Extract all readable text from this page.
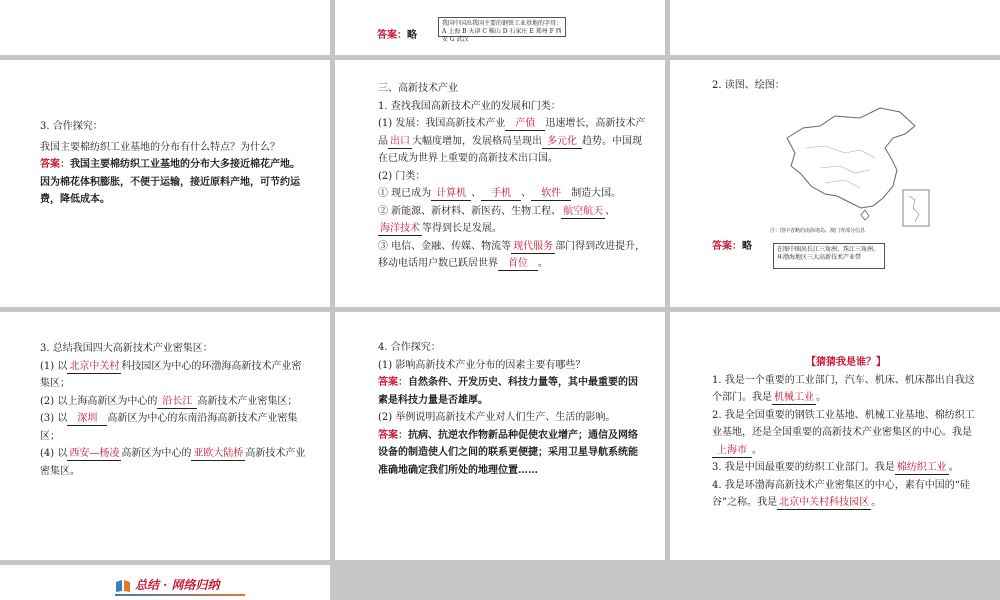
我国中国出我国主要的钢铁工业基地的字母：A 上海 B 天津 C 鞍山 D 石家庄 E 郑州 F 西安 G 武汉

答案：略

3. 合作探究：

我国主要棉纺织工业基地的分布有什么特点？为什么？

答案：我国主要棉纺织工业基地的分布大多接近棉花产地。因为棉花体积膨胀，不便于运输，接近原料产地，可节约运费，降低成本。

三、高新技术产业

1. 查找我国高新技术产业的发展和门类：

(1) 发展：我国高新技术产业 产值 迅速增长，高新技术产品 出口 大幅度增加，发展格局呈现出 多元化 趋势。中国现在已成为世界上重要的高新技术出口国。

(2) 门类：

① 现已成为 计算机 、 手机 、 软件 制造大国。

② 新能源、新材料、新医药、生物工程、 航空航天 、海洋技术 等得到长足发展。

③ 电信、金融、传媒、物流等 现代服务 部门得到改进提升，移动电话用户数已跃居世界 首位 。

2. 读图、绘图：

注：图中省略的南海诸岛、澳门等部分信息

答案：略	在图中圈出长江三角洲、珠江三角洲、环渤海地区三大高新技术产业带

3. 总结我国四大高新技术产业密集区：

(1) 以 北京中关村 科技园区为中心的环渤海高新技术产业密集区；

(2) 以上海高新区为中心的 沿长江 高新技术产业密集区；

(3) 以 深圳 高新区为中心的东南沿海高新技术产业密集区；

(4) 以 西安—杨凌 高新区为中心的 亚欧大陆桥 高新技术产业密集区。

4. 合作探究：

(1) 影响高新技术产业分布的因素主要有哪些？

答案：自然条件、开发历史、科技力量等，其中最重要的因素是科技力量是否雄厚。

(2) 举例说明高新技术产业对人们生产、生活的影响。

答案：抗病、抗逆农作物新品种促使农业增产；通信及网络设备的制造使人们之间的联系更便捷；采用卫星导航系统能准确地确定我们所处的地理位置……

【猜猜我是谁？】

1. 我是一个重要的工业部门，汽车、机床、机床都出自我这个部门。我是 机械工业 。

2. 我是全国重要的钢铁工业基地、机械工业基地、棉纺织工业基地，还是全国重要的高新技术产业密集区的中心。我是上海市 。

3. 我是中国最重要的纺织工业部门。我是 棉纺织工业 。

4. 我是环渤海高新技术产业密集区的中心，素有中国的“硅谷”之称。我是 北京中关村科技园区 。

总结 · 网络归纳
